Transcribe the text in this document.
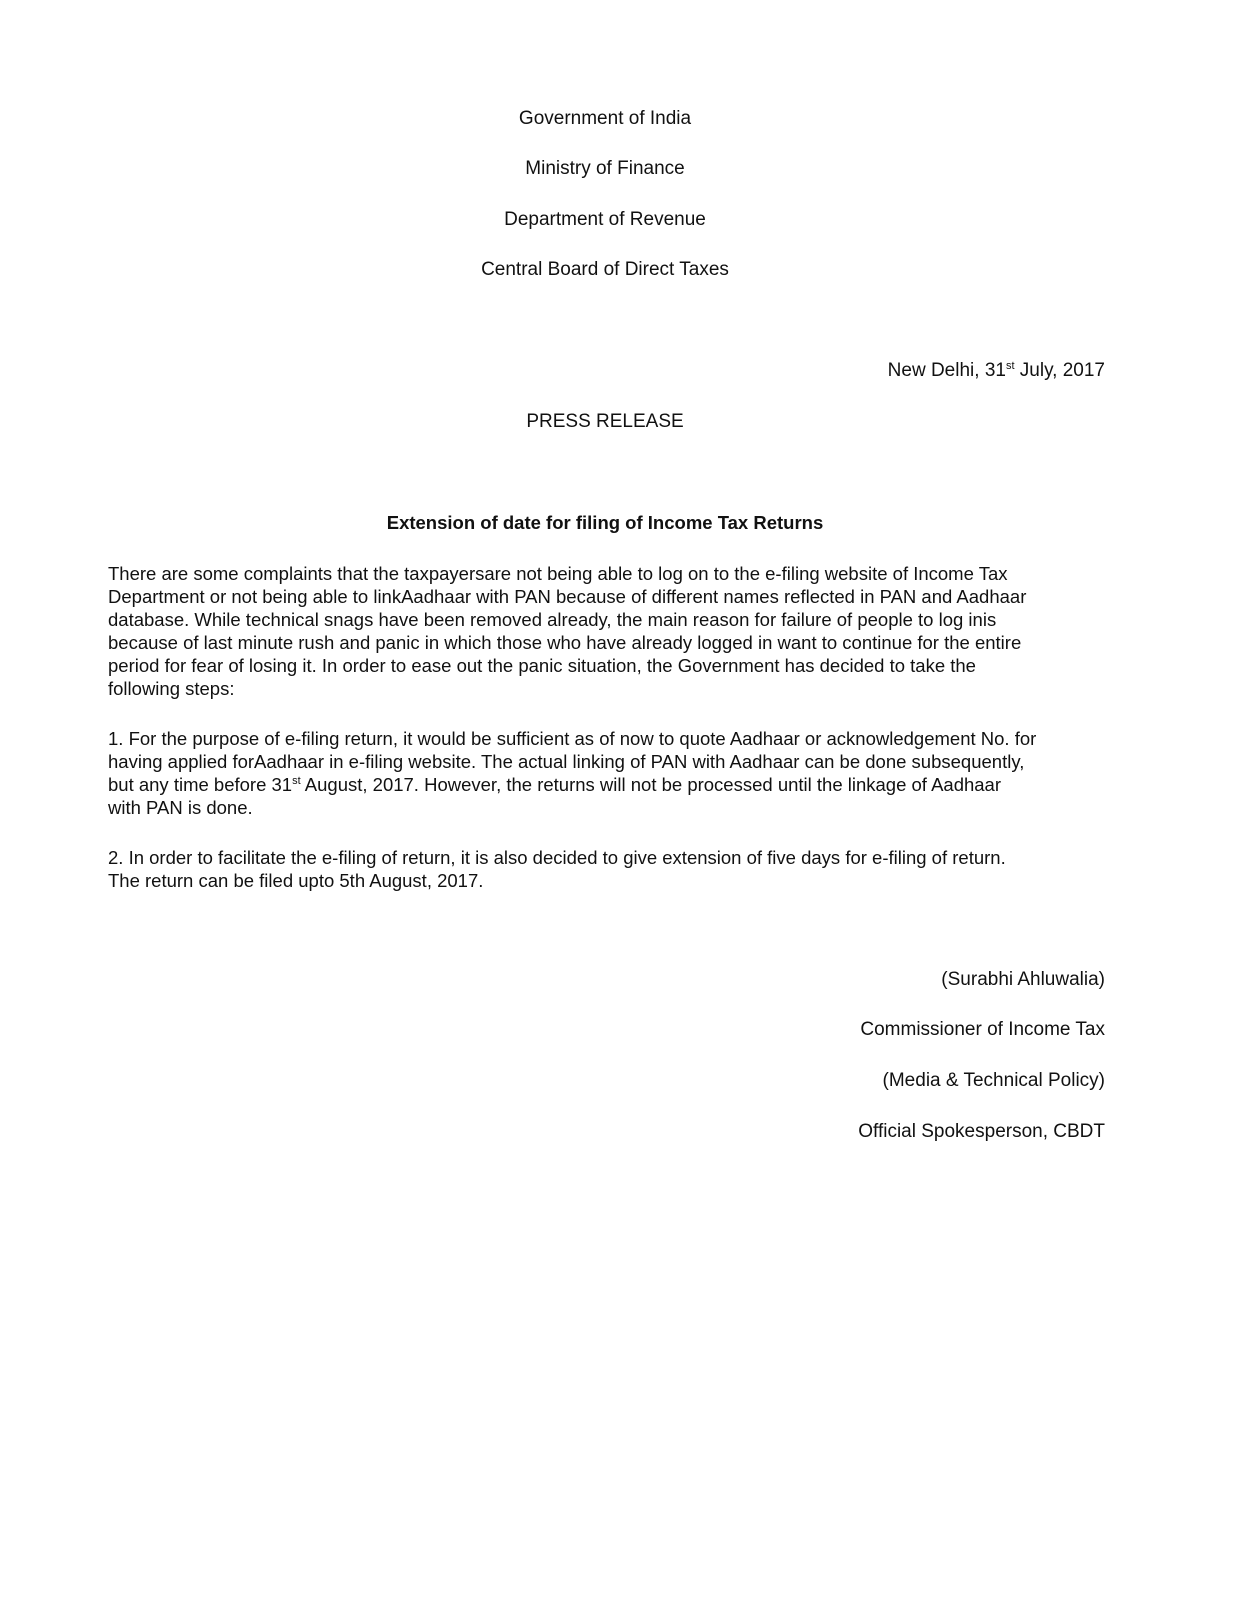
Government of India
Ministry of Finance
Department of Revenue
Central Board of Direct Taxes
New Delhi, 31st July, 2017
PRESS RELEASE
Extension of date for filing of Income Tax Returns
There are some complaints that the taxpayersare not being able to log on to the e-filing website of Income Tax
Department or not being able to linkAadhaar with PAN because of different names reflected in PAN and Aadhaar
database. While technical snags have been removed already, the main reason for failure of people to log inis
because of last minute rush and panic in which those who have already logged in want to continue for the entire
period for fear of losing it. In order to ease out the panic situation, the Government has decided to take the
following steps:
1. For the purpose of e-filing return, it would be sufficient as of now to quote Aadhaar or acknowledgement No. for
having applied forAadhaar in e-filing website. The actual linking of PAN with Aadhaar can be done subsequently,
but any time before 31st August, 2017. However, the returns will not be processed until the linkage of Aadhaar
with PAN is done.
2. In order to facilitate the e-filing of return, it is also decided to give extension of five days for e-filing of return.
The return can be filed upto 5th August, 2017.
(Surabhi Ahluwalia)
Commissioner of Income Tax
(Media & Technical Policy)
Official Spokesperson, CBDT
